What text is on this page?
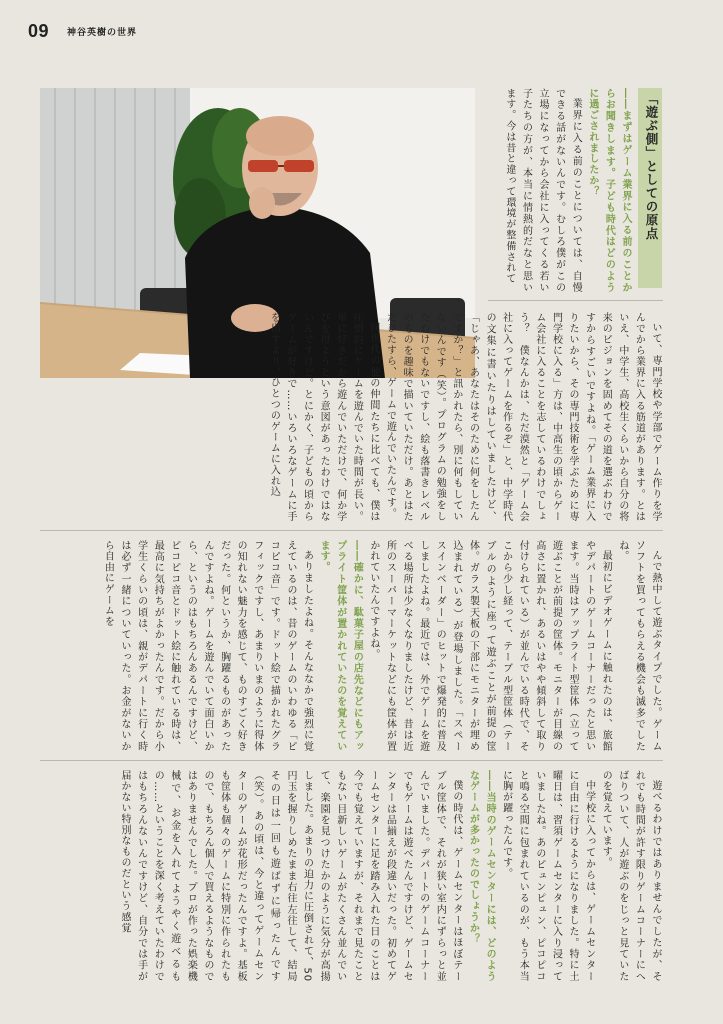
09 神谷英樹の世界
「遊ぶ側」としての原点

――まずはゲーム業界に入る前のことからお聞きします。子ども時代はどのように過ごされましたか？

業界に入る前のことについては、自慢できる話がないんです。むしろ僕がこの立場になってから会社に入ってくる若い子たちの方が、本当に情熱的だなと思います。今は昔と違って環境が整備されて

いて、専門学校や学部でゲーム作りを学んでから業界に入る筋道があります。とはいえ、中学生、高校生くらいから自分の将来のビジョンを固めてその道を選ぶわけですからすごいですよね。「ゲーム業界に入りたいから、その専門技術を学ぶために専門学校に入る」方は、中高生の頃からゲーム会社に入ることを志しているわけでしょう？　僕なんかは、ただ漠然と「ゲーム会社に入ってゲームを作るぞ」と、中学時代の文集に書いたりはしていましたけど、「じゃあ、あなたはそのために何をしたんですか？」と訊かれたら、別に何もしていないんです（笑）。プログラムの勉強をしたわけでもないですし、絵も落書きレベルのものを趣味で描いていただけ。あとはただひたすら、ゲームで遊んでいたんです。

同世代の他の仲間たちに比べても、僕は圧倒的にゲームを遊んでいた時間が長い。単に好きだから遊んでいただけで、何か学びを得ようという意図があったわけではないんですけど。とにかく、子どもの頃からゲームが好きで……いろいろなゲームに手を出すより、ひとつのゲームに入れ込

んで熱中して遊ぶタイプでした。ゲームソフトを買ってもらえる機会も滅多でしたね。

最初にビデオゲームに触れたのは、旅館やデパートのゲームコーナーだったと思います。当時はアップライト型筐体（立って遊ぶことが前提の筐体。モニターが目線の高さに置かれ、あるいはやや傾斜して取り付けられている）が並んでいる時代で、そこから少し経って、テーブル型筐体（テーブルのように座って遊ぶことが前提の筐体。ガラス製天板の下部にモニターが埋め込まれている）が登場しました。「スペースインベーダー」のヒットで爆発的に普及しましたよね。最近では、外でゲームを遊べる場所は少なくなりましたけど、昔は近所のスーパーマーケットなどにも筐体が置かれていたんですよね。

――確かに、駄菓子屋の店先などにもアップライト筐体が置かれていたのを覚えています。

ありましたよね。そんななかで強烈に覚えているのは、昔のゲームのいわゆる「ピコピコ音」です。ドット絵で描かれたグラフィックですし、あまりいまのように得体の知れない魅力を感じて、ものすごく好きだった。何というか、胸躍るものがあったんですよね。ゲームを遊んでいて面白いから、というのはもちろんあるんですけど、ピコピコ音とドット絵に触れている時は、最高に気持ちがよかったんです。だから小学生くらいの頃は、親がデパートに行く時は必ず一緒についていった。お金がないから自由にゲームを

遊べるわけではありませんでしたが、それでも時間が許す限りゲームコーナーにへばりついて、人が遊ぶのをじっと見ていたのを覚えています。

中学校に入ってからは、ゲームセンターに自由に行けるようになりました。特に土曜日は、習須ゲームセンターに入り浸っていましたね。あのピュンピュン、ピコピコと鳴る空間に包まれているのが、もう本当に胸が躍ったんです。

――当時のゲームセンターには、どのようなゲームが多かったのでしょうか？

僕の時代は、ゲームセンターはほぼテーブル筐体で、それが狭い室内にずらっと並んでいました。デパートのゲームコーナーでもゲームは遊べたんですけど、ゲームセンターは品揃えが段違いだった。初めてゲームセンターに足を踏み入れた日のことは今でも覚えていますが、それまで見たこともない目新しいゲームがたくさん並んでいて、楽園を見つけたかのように気分が高揚しました。あまりの迫力に圧倒されて、50円玉を握りしめたまま右往左往して、結局その日は一回も遊ばずに帰ったんです（笑）。あの頃は、今と違ってゲームセンターのゲームが花形だったんですよ。基板も筐体も個々のゲームに特別に作られたもので、もちろん個人で買えるようなものではありませんでした。プロが作った娯楽機械で、お金を入れてようやく遊べるもの……ということを深く考えていたわけではもちろんないんですけど、自分では手が届かない特別なものだという感覚
